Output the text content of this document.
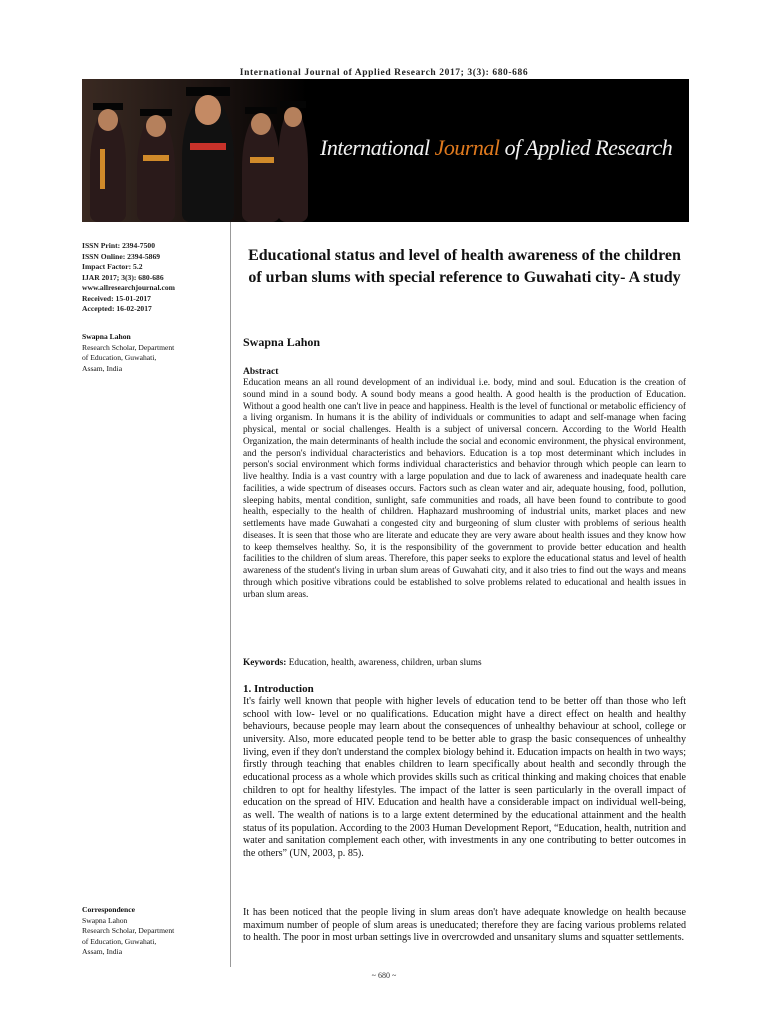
International Journal of Applied Research 2017; 3(3): 680-686
International Journal of Applied Research
ISSN Print: 2394-7500
ISSN Online: 2394-5869
Impact Factor: 5.2
IJAR 2017; 3(3): 680-686
www.allresearchjournal.com
Received: 15-01-2017
Accepted: 16-02-2017
Swapna Lahon
Research Scholar, Department
of Education, Guwahati,
Assam, India
Correspondence
Swapna Lahon
Research Scholar, Department
of Education, Guwahati,
Assam, India
Educational status and level of health awareness of the children of urban slums with special reference to Guwahati city- A study
Swapna Lahon
Abstract

Education means an all round development of an individual i.e. body, mind and soul. Education is the creation of sound mind in a sound body. A sound body means a good health. A good health is the production of Education. Without a good health one can't live in peace and happiness. Health is the level of functional or metabolic efficiency of a living organism. In humans it is the ability of individuals or communities to adapt and self-manage when facing physical, mental or social challenges. Health is a subject of universal concern. According to the World Health Organization, the main determinants of health include the social and economic environment, the physical environment, and the person's individual characteristics and behaviors. Education is a top most determinant which includes in person's social environment which forms individual characteristics and behavior through which people can learn to live healthy. India is a vast country with a large population and due to lack of awareness and inadequate health care facilities, a wide spectrum of diseases occurs. Factors such as clean water and air, adequate housing, food, pollution, sleeping habits, mental condition, sunlight, safe communities and roads, all have been found to contribute to good health, especially to the health of children. Haphazard mushrooming of industrial units, market places and new settlements have made Guwahati a congested city and burgeoning of slum cluster with problems of serious health diseases. It is seen that those who are literate and educate they are very aware about health issues and they know how to keep themselves healthy. So, it is the responsibility of the government to provide better education and health facilities to the children of slum areas. Therefore, this paper seeks to explore the educational status and level of health awareness of the student's living in urban slum areas of Guwahati city, and it also tries to find out the ways and means through which positive vibrations could be established to solve problems related to educational and health issues in urban slum areas.

Keywords: Education, health, awareness, children, urban slums
1. Introduction

It's fairly well known that people with higher levels of education tend to be better off than those who left school with low- level or no qualifications. Education might have a direct effect on health and healthy behaviours, because people may learn about the consequences of unhealthy behaviour at school, college or university. Also, more educated people tend to be better able to grasp the basic consequences of unhealthy living, even if they don't understand the complex biology behind it. Education impacts on health in two ways; firstly through teaching that enables children to learn specifically about health and secondly through the educational process as a whole which provides skills such as critical thinking and making choices that enable children to opt for healthy lifestyles. The impact of the latter is seen particularly in the overall impact of education on the spread of HIV. Education and health have a considerable impact on individual well-being, as well. The wealth of nations is to a large extent determined by the educational attainment and the health status of its population. According to the 2003 Human Development Report, “Education, health, nutrition and water and sanitation complement each other, with investments in any one contributing to better outcomes in the others” (UN, 2003, p. 85).

It has been noticed that the people living in slum areas don't have adequate knowledge on health because maximum number of people of slum areas is uneducated; therefore they are facing various problems related to health. The poor in most urban settings live in overcrowded and unsanitary slums and squatter settlements.

~ 680 ~
